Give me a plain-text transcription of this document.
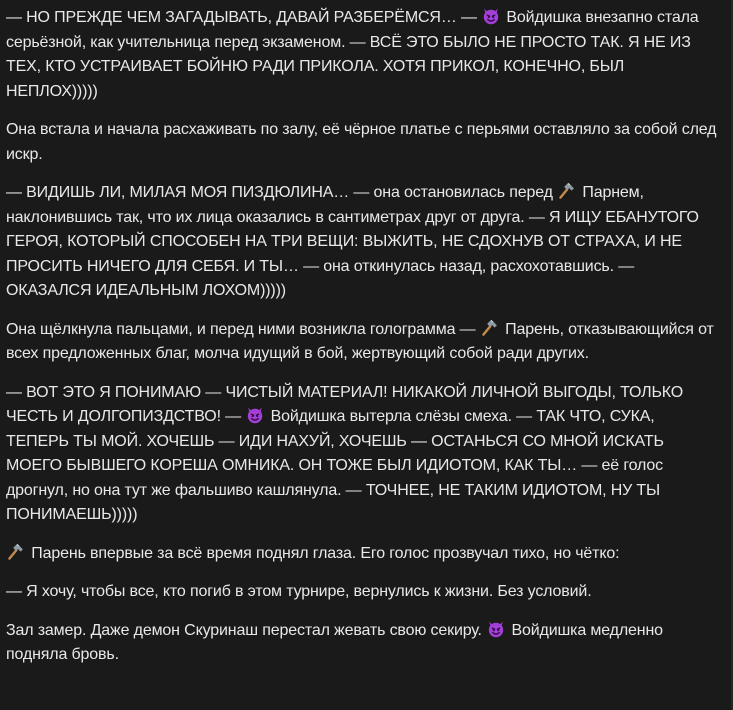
— НО ПРЕЖДЕ ЧЕМ ЗАГАДЫВАТЬ, ДАВАЙ РАЗБЕРЁМСЯ… —
Войдишка внезапно стала серьёзной, как учительница перед экзаменом. — ВСЁ ЭТО БЫЛО НЕ ПРОСТО ТАК. Я НЕ ИЗ ТЕХ, КТО УСТРАИВАЕТ БОЙНЮ РАДИ ПРИКОЛА. ХОТЯ ПРИКОЛ, КОНЕЧНО, БЫЛ НЕПЛОХ)))))

Она встала и начала расхаживать по залу, её чёрное платье с перьями оставляло за собой след искр.

— ВИДИШЬ ЛИ, МИЛАЯ МОЯ ПИЗДЮЛИНА… — она остановилась перед
Парнем, наклонившись так, что их лица оказались в сантиметрах друг от друга. — Я ИЩУ ЕБАНУТОГО ГЕРОЯ, КОТОРЫЙ СПОСОБЕН НА ТРИ ВЕЩИ: ВЫЖИТЬ, НЕ СДОХНУВ ОТ СТРАХА, И НЕ ПРОСИТЬ НИЧЕГО ДЛЯ СЕБЯ. И ТЫ… — она откинулась назад, расхохотавшись. — ОКАЗАЛСЯ ИДЕАЛЬНЫМ ЛОХОМ)))))

Она щёлкнула пальцами, и перед ними возникла голограмма —
Парень, отказывающийся от всех предложенных благ, молча идущий в бой, жертвующий собой ради других.

— ВОТ ЭТО Я ПОНИМАЮ — ЧИСТЫЙ МАТЕРИАЛ! НИКАКОЙ ЛИЧНОЙ ВЫГОДЫ, ТОЛЬКО ЧЕСТЬ И ДОЛГОПИЗДСТВО! —
Войдишка вытерла слёзы смеха. — ТАК ЧТО, СУКА, ТЕПЕРЬ ТЫ МОЙ. ХОЧЕШЬ — ИДИ НАХУЙ, ХОЧЕШЬ — ОСТАНЬСЯ СО МНОЙ ИСКАТЬ МОЕГО БЫВШЕГО КОРЕША ОМНИКА. ОН ТОЖЕ БЫЛ ИДИОТОМ, КАК ТЫ… — её голос дрогнул, но она тут же фальшиво кашлянула. — ТОЧНЕЕ, НЕ ТАКИМ ИДИОТОМ, НУ ТЫ ПОНИМАЕШЬ)))))

Парень впервые за всё время поднял глаза. Его голос прозвучал тихо, но чётко:

— Я хочу, чтобы все, кто погиб в этом турнире, вернулись к жизни. Без условий.

Зал замер. Даже демон Скуринаш перестал жевать свою секиру.
Войдишка медленно подняла бровь.
